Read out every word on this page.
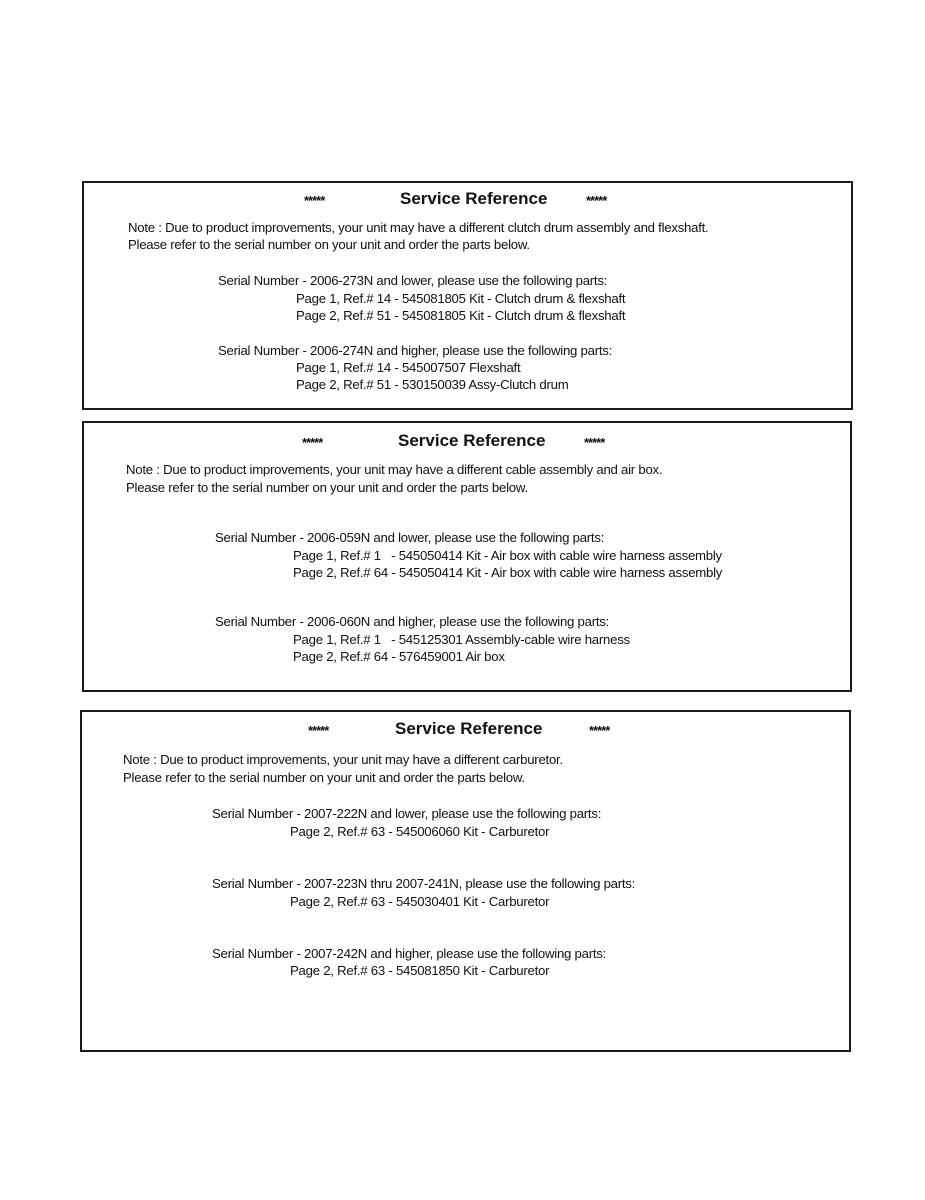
*****	Service Reference	*****
Note : Due to product improvements, your unit may have a different clutch drum assembly and flexshaft.
Please refer to the serial number on your unit and order the parts below.
Serial Number - 2006-273N and lower, please use the following parts:
Page 1, Ref.# 14 - 545081805 Kit - Clutch drum & flexshaft
Page 2, Ref.# 51 - 545081805 Kit - Clutch drum & flexshaft
Serial Number - 2006-274N and higher, please use the following parts:
Page 1, Ref.# 14 - 545007507 Flexshaft
Page 2, Ref.# 51 - 530150039 Assy-Clutch drum
*****	Service Reference	*****
Note : Due to product improvements, your unit may have a different cable assembly and air box.
Please refer to the serial number on your unit and order the parts below.
Serial Number - 2006-059N and lower, please use the following parts:
Page 1, Ref.# 1   - 545050414 Kit - Air box with cable wire harness assembly
Page 2, Ref.# 64 - 545050414 Kit - Air box with cable wire harness assembly
Serial Number - 2006-060N and higher, please use the following parts:
Page 1, Ref.# 1   - 545125301 Assembly-cable wire harness
Page 2, Ref.# 64 - 576459001 Air box
*****	Service Reference	*****
Note : Due to product improvements, your unit may have a different carburetor.
Please refer to the serial number on your unit and order the parts below.
Serial Number - 2007-222N and lower, please use the following parts:
Page 2, Ref.# 63 - 545006060 Kit - Carburetor
Serial Number - 2007-223N thru 2007-241N, please use the following parts:
Page 2, Ref.# 63 - 545030401 Kit - Carburetor
Serial Number - 2007-242N and higher, please use the following parts:
Page 2, Ref.# 63 - 545081850 Kit - Carburetor
